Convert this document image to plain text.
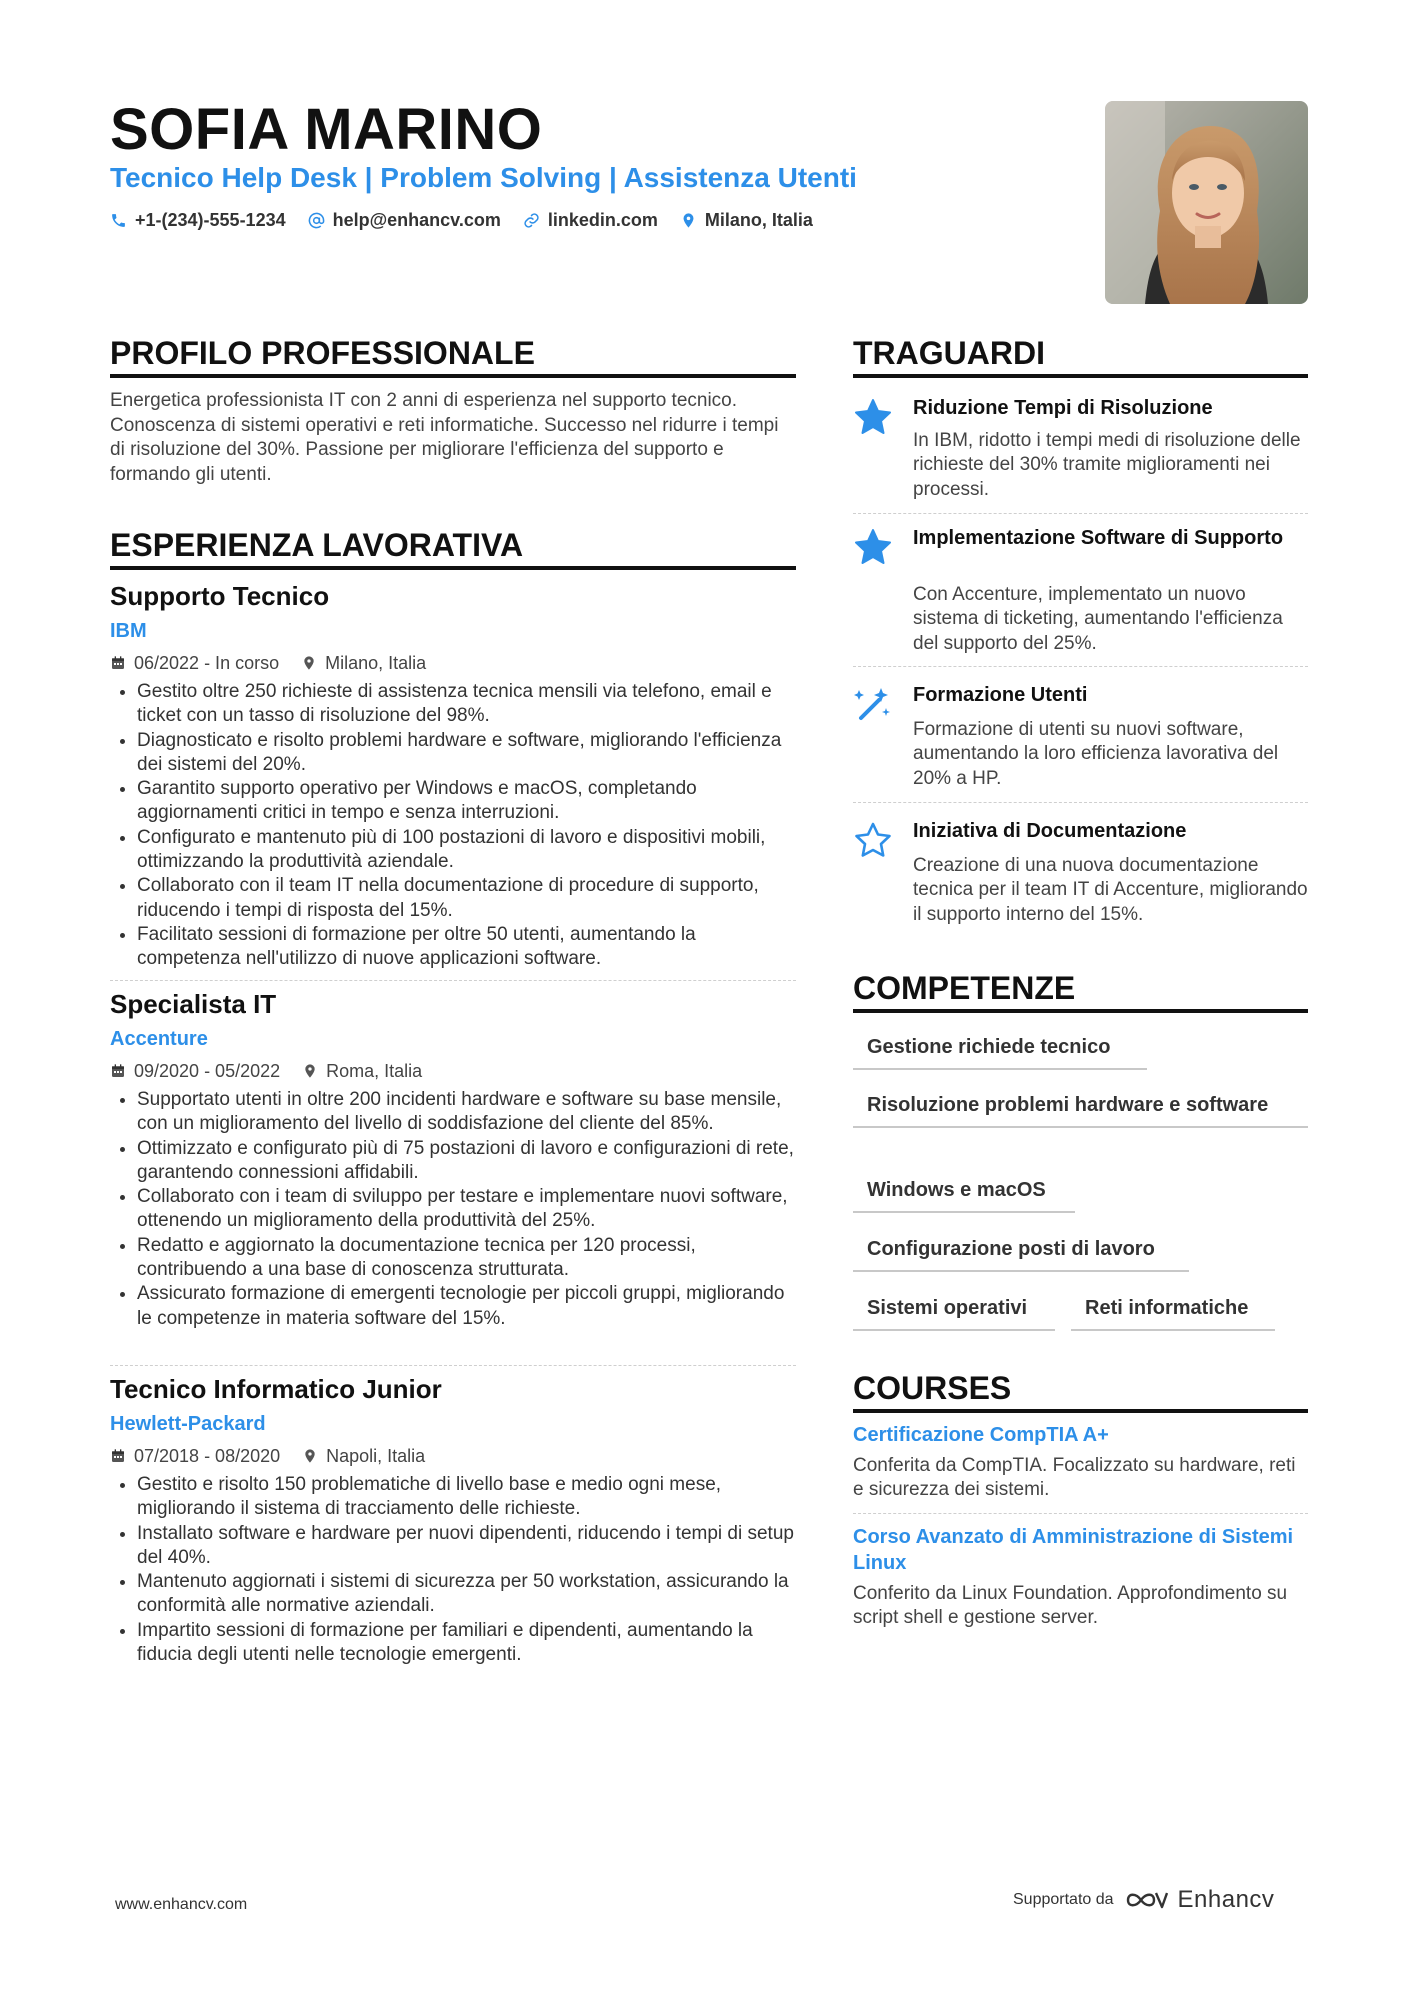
SOFIA MARINO
Tecnico Help Desk | Problem Solving | Assistenza Utenti
+1-(234)-555-1234	help@enhancv.com	linkedin.com	Milano, Italia
PROFILO PROFESSIONALE

Energetica professionista IT con 2 anni di esperienza nel supporto tecnico. Conoscenza di sistemi operativi e reti informatiche. Successo nel ridurre i tempi di risoluzione del 30%. Passione per migliorare l'efficienza del supporto e formando gli utenti.

ESPERIENZA LAVORATIVA
Supporto Tecnico
IBM
06/2022 - In corso	Milano, Italia
• Gestito oltre 250 richieste di assistenza tecnica mensili via telefono, email e ticket con un tasso di risoluzione del 98%.
• Diagnosticato e risolto problemi hardware e software, migliorando l'efficienza dei sistemi del 20%.
• Garantito supporto operativo per Windows e macOS, completando aggiornamenti critici in tempo e senza interruzioni.
• Configurato e mantenuto più di 100 postazioni di lavoro e dispositivi mobili, ottimizzando la produttività aziendale.
• Collaborato con il team IT nella documentazione di procedure di supporto, riducendo i tempi di risposta del 15%.
• Facilitato sessioni di formazione per oltre 50 utenti, aumentando la competenza nell'utilizzo di nuove applicazioni software.
Specialista IT
Accenture
09/2020 - 05/2022	Roma, Italia
• Supportato utenti in oltre 200 incidenti hardware e software su base mensile, con un miglioramento del livello di soddisfazione del cliente del 85%.
• Ottimizzato e configurato più di 75 postazioni di lavoro e configurazioni di rete, garantendo connessioni affidabili.
• Collaborato con i team di sviluppo per testare e implementare nuovi software, ottenendo un miglioramento della produttività del 25%.
• Redatto e aggiornato la documentazione tecnica per 120 processi, contribuendo a una base di conoscenza strutturata.
• Assicurato formazione di emergenti tecnologie per piccoli gruppi, migliorando le competenze in materia software del 15%.
Tecnico Informatico Junior
Hewlett-Packard
07/2018 - 08/2020	Napoli, Italia
• Gestito e risolto 150 problematiche di livello base e medio ogni mese, migliorando il sistema di tracciamento delle richieste.
• Installato software e hardware per nuovi dipendenti, riducendo i tempi di setup del 40%.
• Mantenuto aggiornati i sistemi di sicurezza per 50 workstation, assicurando la conformità alle normative aziendali.
• Impartito sessioni di formazione per familiari e dipendenti, aumentando la fiducia degli utenti nelle tecnologie emergenti.
TRAGUARDI
Riduzione Tempi di Risoluzione

In IBM, ridotto i tempi medi di risoluzione delle richieste del 30% tramite miglioramenti nei processi.

Implementazione Software di Supporto

Con Accenture, implementato un nuovo sistema di ticketing, aumentando l'efficienza del supporto del 25%.

Formazione Utenti

Formazione di utenti su nuovi software, aumentando la loro efficienza lavorativa del 20% a HP.

Iniziativa di Documentazione

Creazione di una nuova documentazione tecnica per il team IT di Accenture, migliorando il supporto interno del 15%.

COMPETENZE
Gestione richiede tecnico
Risoluzione problemi hardware e software
Windows e macOS
Configurazione posti di lavoro
Sistemi operativi	Reti informatiche
COURSES
Certificazione CompTIA A+

Conferita da CompTIA. Focalizzato su hardware, reti e sicurezza dei sistemi.

Corso Avanzato di Amministrazione di Sistemi Linux

Conferito da Linux Foundation. Approfondimento su script shell e gestione server.

www.enhancv.com	Supportato da	Enhancv
